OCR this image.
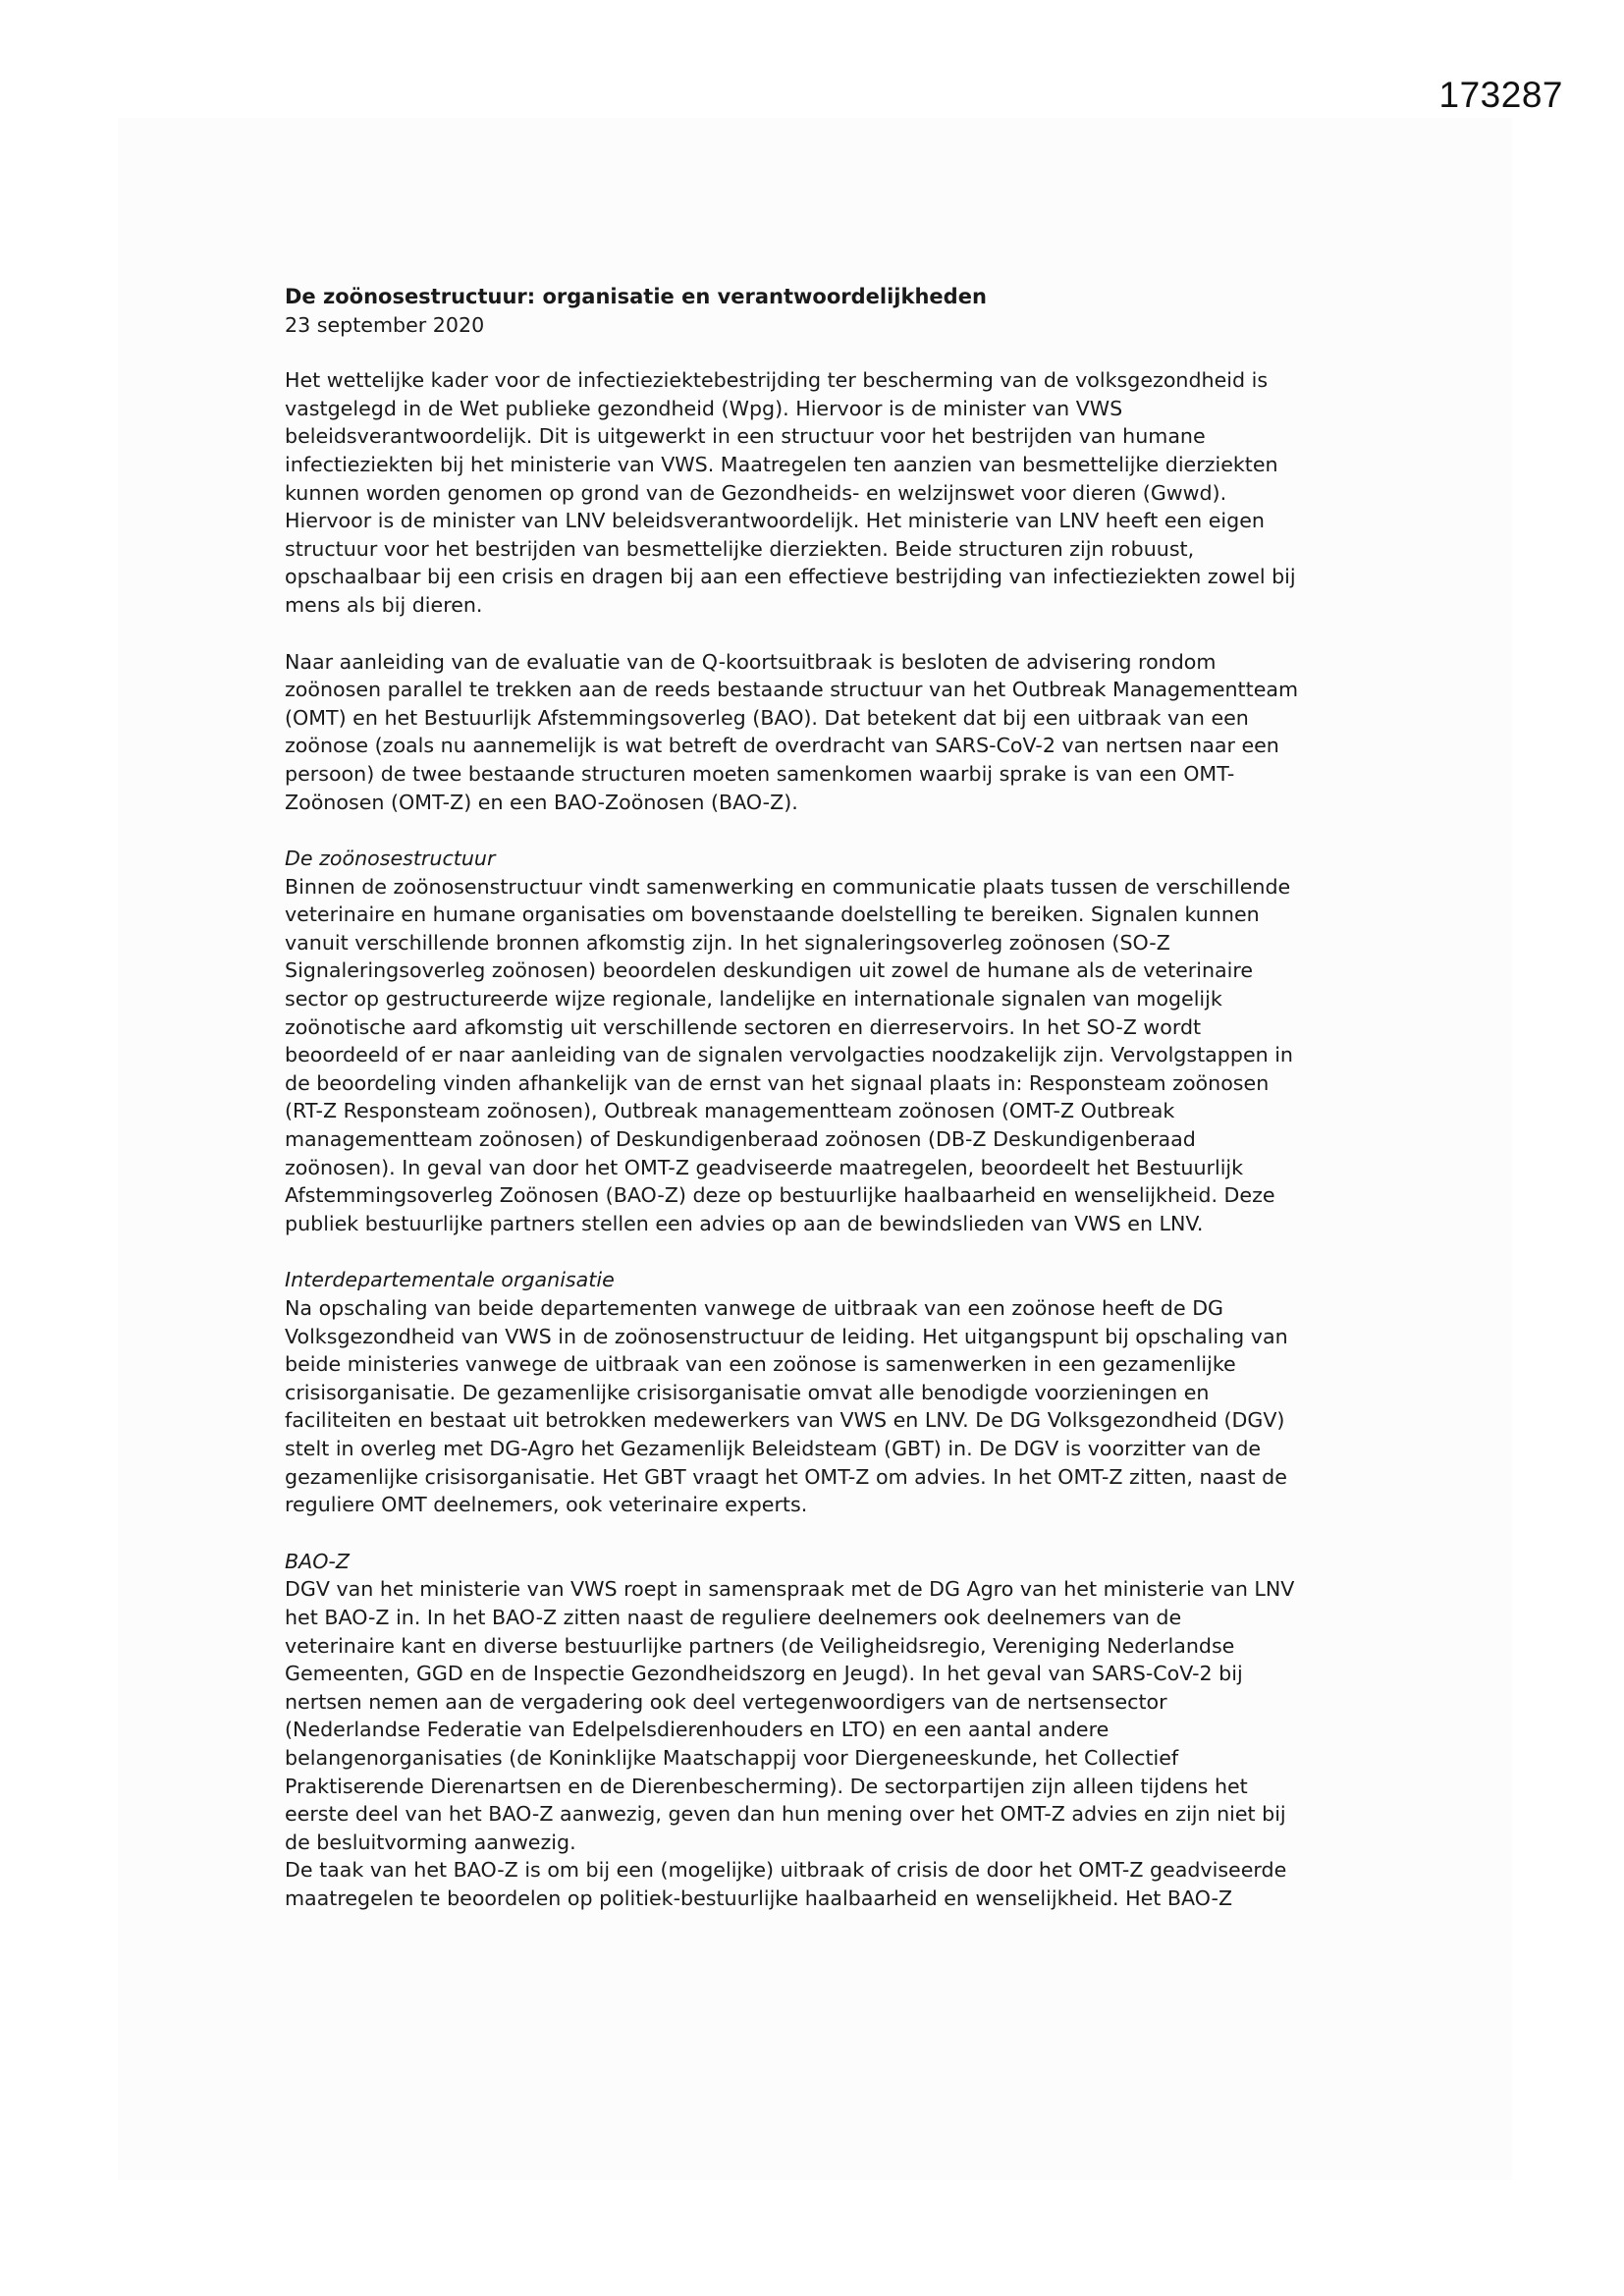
173287
De zoönosestructuur: organisatie en verantwoordelijkheden
23 september 2020
Het wettelijke kader voor de infectieziektebestrijding ter bescherming van de volksgezondheid is
vastgelegd in de Wet publieke gezondheid (Wpg). Hiervoor is de minister van VWS
beleidsverantwoordelijk. Dit is uitgewerkt in een structuur voor het bestrijden van humane
infectieziekten bij het ministerie van VWS. Maatregelen ten aanzien van besmettelijke dierziekten
kunnen worden genomen op grond van de Gezondheids- en welzijnswet voor dieren (Gwwd).
Hiervoor is de minister van LNV beleidsverantwoordelijk. Het ministerie van LNV heeft een eigen
structuur voor het bestrijden van besmettelijke dierziekten. Beide structuren zijn robuust,
opschaalbaar bij een crisis en dragen bij aan een effectieve bestrijding van infectieziekten zowel bij
mens als bij dieren.
Naar aanleiding van de evaluatie van de Q-koortsuitbraak is besloten de advisering rondom
zoönosen parallel te trekken aan de reeds bestaande structuur van het Outbreak Managementteam
(OMT) en het Bestuurlijk Afstemmingsoverleg (BAO). Dat betekent dat bij een uitbraak van een
zoönose (zoals nu aannemelijk is wat betreft de overdracht van SARS-CoV-2 van nertsen naar een
persoon) de twee bestaande structuren moeten samenkomen waarbij sprake is van een OMT-
Zoönosen (OMT-Z) en een BAO-Zoönosen (BAO-Z).
De zoönosestructuur
Binnen de zoönosenstructuur vindt samenwerking en communicatie plaats tussen de verschillende
veterinaire en humane organisaties om bovenstaande doelstelling te bereiken. Signalen kunnen
vanuit verschillende bronnen afkomstig zijn. In het signaleringsoverleg zoönosen (SO-Z
Signaleringsoverleg zoönosen) beoordelen deskundigen uit zowel de humane als de veterinaire
sector op gestructureerde wijze regionale, landelijke en internationale signalen van mogelijk
zoönotische aard afkomstig uit verschillende sectoren en dierreservoirs. In het SO-Z wordt
beoordeeld of er naar aanleiding van de signalen vervolgacties noodzakelijk zijn. Vervolgstappen in
de beoordeling vinden afhankelijk van de ernst van het signaal plaats in: Responsteam zoönosen
(RT-Z Responsteam zoönosen), Outbreak managementteam zoönosen (OMT-Z Outbreak
managementteam zoönosen) of Deskundigenberaad zoönosen (DB-Z Deskundigenberaad
zoönosen). In geval van door het OMT-Z geadviseerde maatregelen, beoordeelt het Bestuurlijk
Afstemmingsoverleg Zoönosen (BAO-Z) deze op bestuurlijke haalbaarheid en wenselijkheid. Deze
publiek bestuurlijke partners stellen een advies op aan de bewindslieden van VWS en LNV.
Interdepartementale organisatie
Na opschaling van beide departementen vanwege de uitbraak van een zoönose heeft de DG
Volksgezondheid van VWS in de zoönosenstructuur de leiding. Het uitgangspunt bij opschaling van
beide ministeries vanwege de uitbraak van een zoönose is samenwerken in een gezamenlijke
crisisorganisatie. De gezamenlijke crisisorganisatie omvat alle benodigde voorzieningen en
faciliteiten en bestaat uit betrokken medewerkers van VWS en LNV. De DG Volksgezondheid (DGV)
stelt in overleg met DG-Agro het Gezamenlijk Beleidsteam (GBT) in. De DGV is voorzitter van de
gezamenlijke crisisorganisatie. Het GBT vraagt het OMT-Z om advies. In het OMT-Z zitten, naast de
reguliere OMT deelnemers, ook veterinaire experts.
BAO-Z
DGV van het ministerie van VWS roept in samenspraak met de DG Agro van het ministerie van LNV
het BAO-Z in. In het BAO-Z zitten naast de reguliere deelnemers ook deelnemers van de
veterinaire kant en diverse bestuurlijke partners (de Veiligheidsregio, Vereniging Nederlandse
Gemeenten, GGD en de Inspectie Gezondheidszorg en Jeugd). In het geval van SARS-CoV-2 bij
nertsen nemen aan de vergadering ook deel vertegenwoordigers van de nertsensector
(Nederlandse Federatie van Edelpelsdierenhouders en LTO) en een aantal andere
belangenorganisaties (de Koninklijke Maatschappij voor Diergeneeskunde, het Collectief
Praktiserende Dierenartsen en de Dierenbescherming). De sectorpartijen zijn alleen tijdens het
eerste deel van het BAO-Z aanwezig, geven dan hun mening over het OMT-Z advies en zijn niet bij
de besluitvorming aanwezig.
De taak van het BAO-Z is om bij een (mogelijke) uitbraak of crisis de door het OMT-Z geadviseerde
maatregelen te beoordelen op politiek-bestuurlijke haalbaarheid en wenselijkheid. Het BAO-Z
